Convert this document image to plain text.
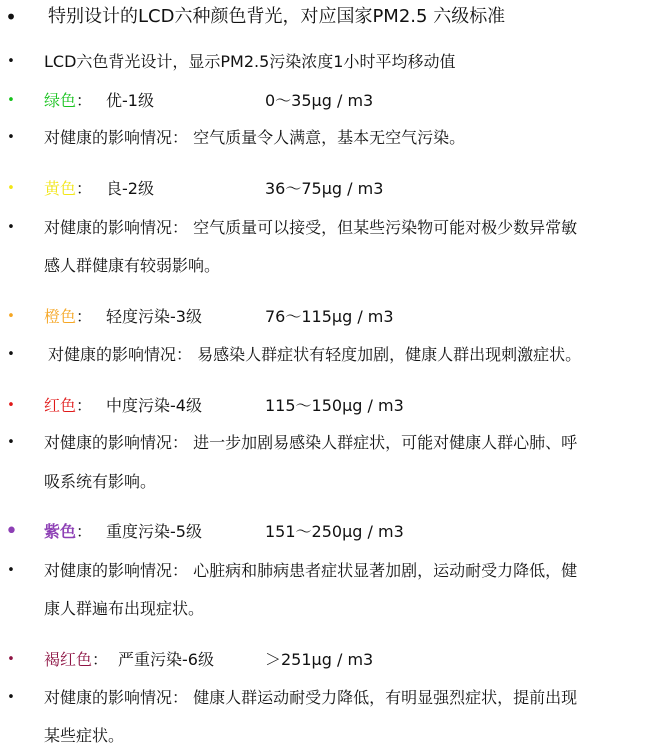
• 特别设计的LCD六种颜色背光，对应国家PM2.5 六级标准
• LCD六色背光设计，显示PM2.5污染浓度1小时平均移动值
• 绿色： 优-1级	0～35μg / m3
• 对健康的影响情况： 空气质量令人满意，基本无空气污染。
• 黄色： 良-2级	36～75μg / m3
• 对健康的影响情况： 空气质量可以接受，但某些污染物可能对极少数异常敏
感人群健康有较弱影响。
• 橙色： 轻度污染-3级	76～115μg / m3
• 对健康的影响情况： 易感染人群症状有轻度加剧，健康人群出现刺激症状。
• 红色： 中度污染-4级	115～150μg / m3
• 对健康的影响情况： 进一步加剧易感染人群症状，可能对健康人群心肺、呼
吸系统有影响。
• 紫色： 重度污染-5级	151～250μg / m3
• 对健康的影响情况： 心脏病和肺病患者症状显著加剧，运动耐受力降低，健
康人群遍布出现症状。
• 褐红色： 严重污染-6级	＞251μg / m3
• 对健康的影响情况： 健康人群运动耐受力降低，有明显强烈症状，提前出现
某些症状。
